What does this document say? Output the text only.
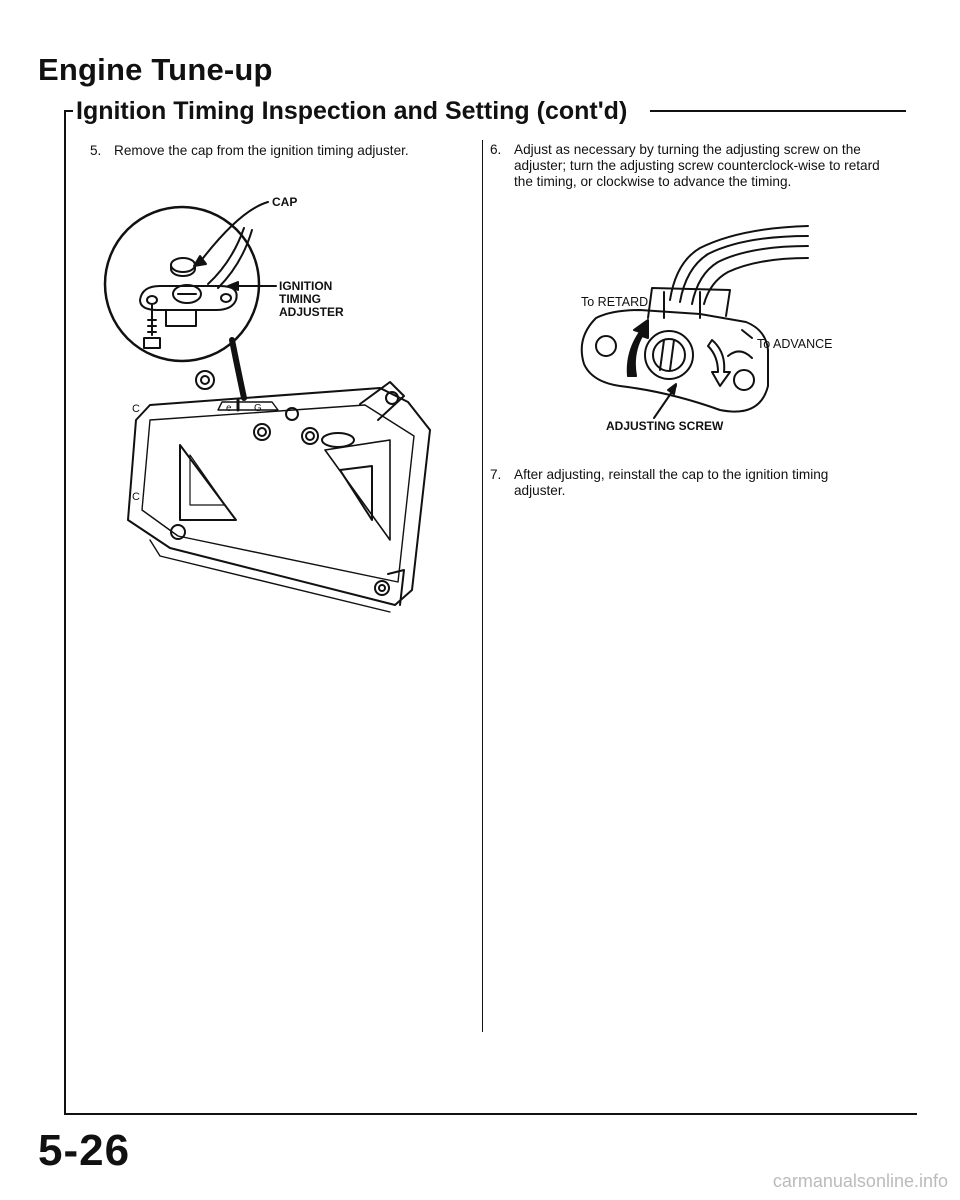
Engine Tune-up
Ignition Timing Inspection and Setting (cont'd)
5. Remove the cap from the ignition timing adjuster.	6. Adjust as necessary by turning the adjusting screw on the adjuster; turn the adjusting screw counterclock-wise to retard the timing, or clockwise to advance the timing.
7. After adjusting, reinstall the cap to the ignition timing adjuster.
e G
C
C
CAP
IGNITION
TIMING
ADJUSTER
To RETARD
To ADVANCE
ADJUSTING SCREW
5-26
carmanualsonline.info
